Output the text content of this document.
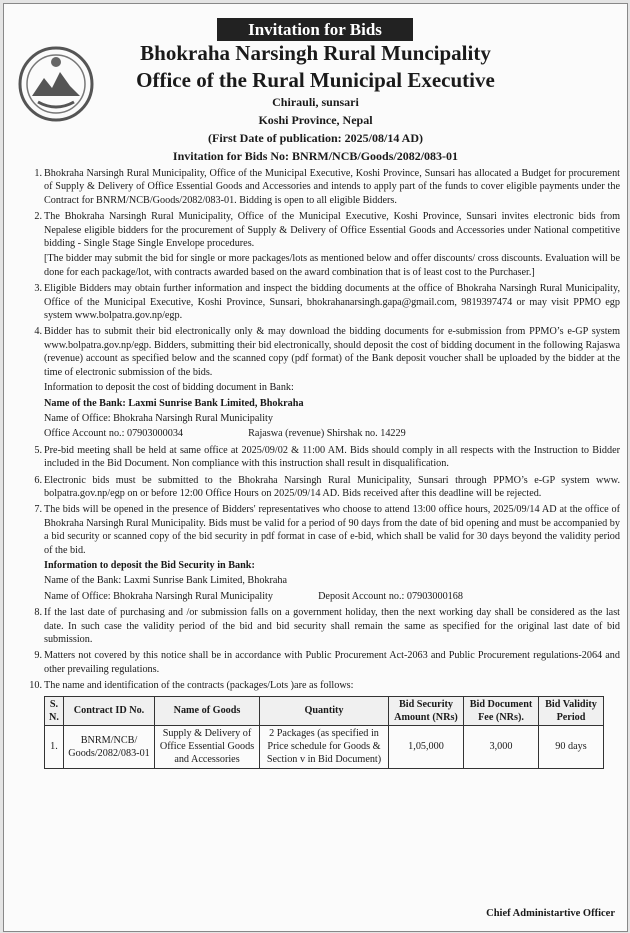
Invitation for Bids
Bhokraha Narsingh Rural Muncipality
Office of the Rural Municipal Executive
Chirauli, sunsari
Koshi Province, Nepal
(First Date of publication: 2025/08/14 AD)
Invitation for Bids No: BNRM/NCB/Goods/2082/083-01
1. Bhokraha Narsingh Rural Municipality, Office of the Municipal Executive, Koshi Province, Sunsari has allocated a Budget for procurement of Supply & Delivery of Office Essential Goods and Accessories and intends to apply part of the funds to cover eligible payments under the Contract for BNRM/NCB/Goods/2082/083-01. Bidding is open to all eligible Bidders.
2. The Bhokraha Narsingh Rural Municipality, Office of the Municipal Executive, Koshi Province, Sunsari invites electronic bids from Nepalese eligible bidders for the procurement of Supply & Delivery of Office Essential Goods and Accessories under National competitive bidding - Single Stage Single Envelope procedures.
[The bidder may submit the bid for single or more packages/lots as mentioned below and offer discounts/ cross discounts. Evaluation will be done for each package/lot, with contracts awarded based on the award combination that is of least cost to the Purchaser.]
3. Eligible Bidders may obtain further information and inspect the bidding documents at the office of Bhokraha Narsingh Rural Municipality, Office of the Municipal Executive, Koshi Province, Sunsari, bhokrahanarsingh.gapa@gmail.com, 9819397474 or may visit PPMO egp system www.bolpatra.gov.np/egp.
4. Bidder has to submit their bid electronically only & may download the bidding documents for e-submission from PPMO’s e-GP system www.bolpatra.gov.np/egp. Bidders, submitting their bid electronically, should deposit the cost of bidding document in the following Rajaswa (revenue) account as specified below and the scanned copy (pdf format) of the Bank deposit voucher shall be uploaded by the bidder at the time of electronic submission of the bids.
Information to deposit the cost of bidding document in Bank:
Name of the Bank: Laxmi Sunrise Bank Limited, Bhokraha
Name of Office: Bhokraha Narsingh Rural Municipality
Office Account no.: 07903000034	Rajaswa (revenue) Shirshak no. 14229
5. Pre-bid meeting shall be held at same office at 2025/09/02 & 11:00 AM. Bids should comply in all respects with the Instruction to Bidder included in the Bid Document. Non compliance with this instruction shall result in disqualification.
6. Electronic bids must be submitted to the Bhokraha Narsingh Rural Municipality, Sunsari through PPMO’s e-GP system www. bolpatra.gov.np/egp on or before 12:00 Office Hours on 2025/09/14 AD. Bids received after this deadline will be rejected.
7. The bids will be opened in the presence of Bidders' representatives who choose to attend 13:00 office hours, 2025/09/14 AD at the office of Bhokraha Narsingh Rural Municipality. Bids must be valid for a period of 90 days from the date of bid opening and must be accompanied by a bid security or scanned copy of the bid security in pdf format in case of e-bid, which shall be valid for 30 days beyond the validity period of the bid.
Information to deposit the Bid Security in Bank:
Name of the Bank: Laxmi Sunrise Bank Limited, Bhokraha
Name of Office: Bhokraha Narsingh Rural Municipality	Deposit Account no.: 07903000168
8. If the last date of purchasing and /or submission falls on a government holiday, then the next working day shall be considered as the last date. In such case the validity period of the bid and bid security shall remain the same as specified for the original last date of bid submission.
9. Matters not covered by this notice shall be in accordance with Public Procurement Act-2063 and Public Procurement regulations-2064 and other prevailing regulations.
10. The name and identification of the contracts (packages/Lots )are as follows:
S. N.	Contract ID No.	Name of Goods	Quantity	Bid Security Amount (NRs)	Bid Document Fee (NRs).	Bid Validity Period
1.	BNRM/NCB/ Goods/2082/083-01	Supply & Delivery of Office Essential Goods and Accessories	2 Packages (as specified in Price schedule for Goods & Section v in Bid Document)	1,05,000	3,000	90 days
Chief Administartive Officer
